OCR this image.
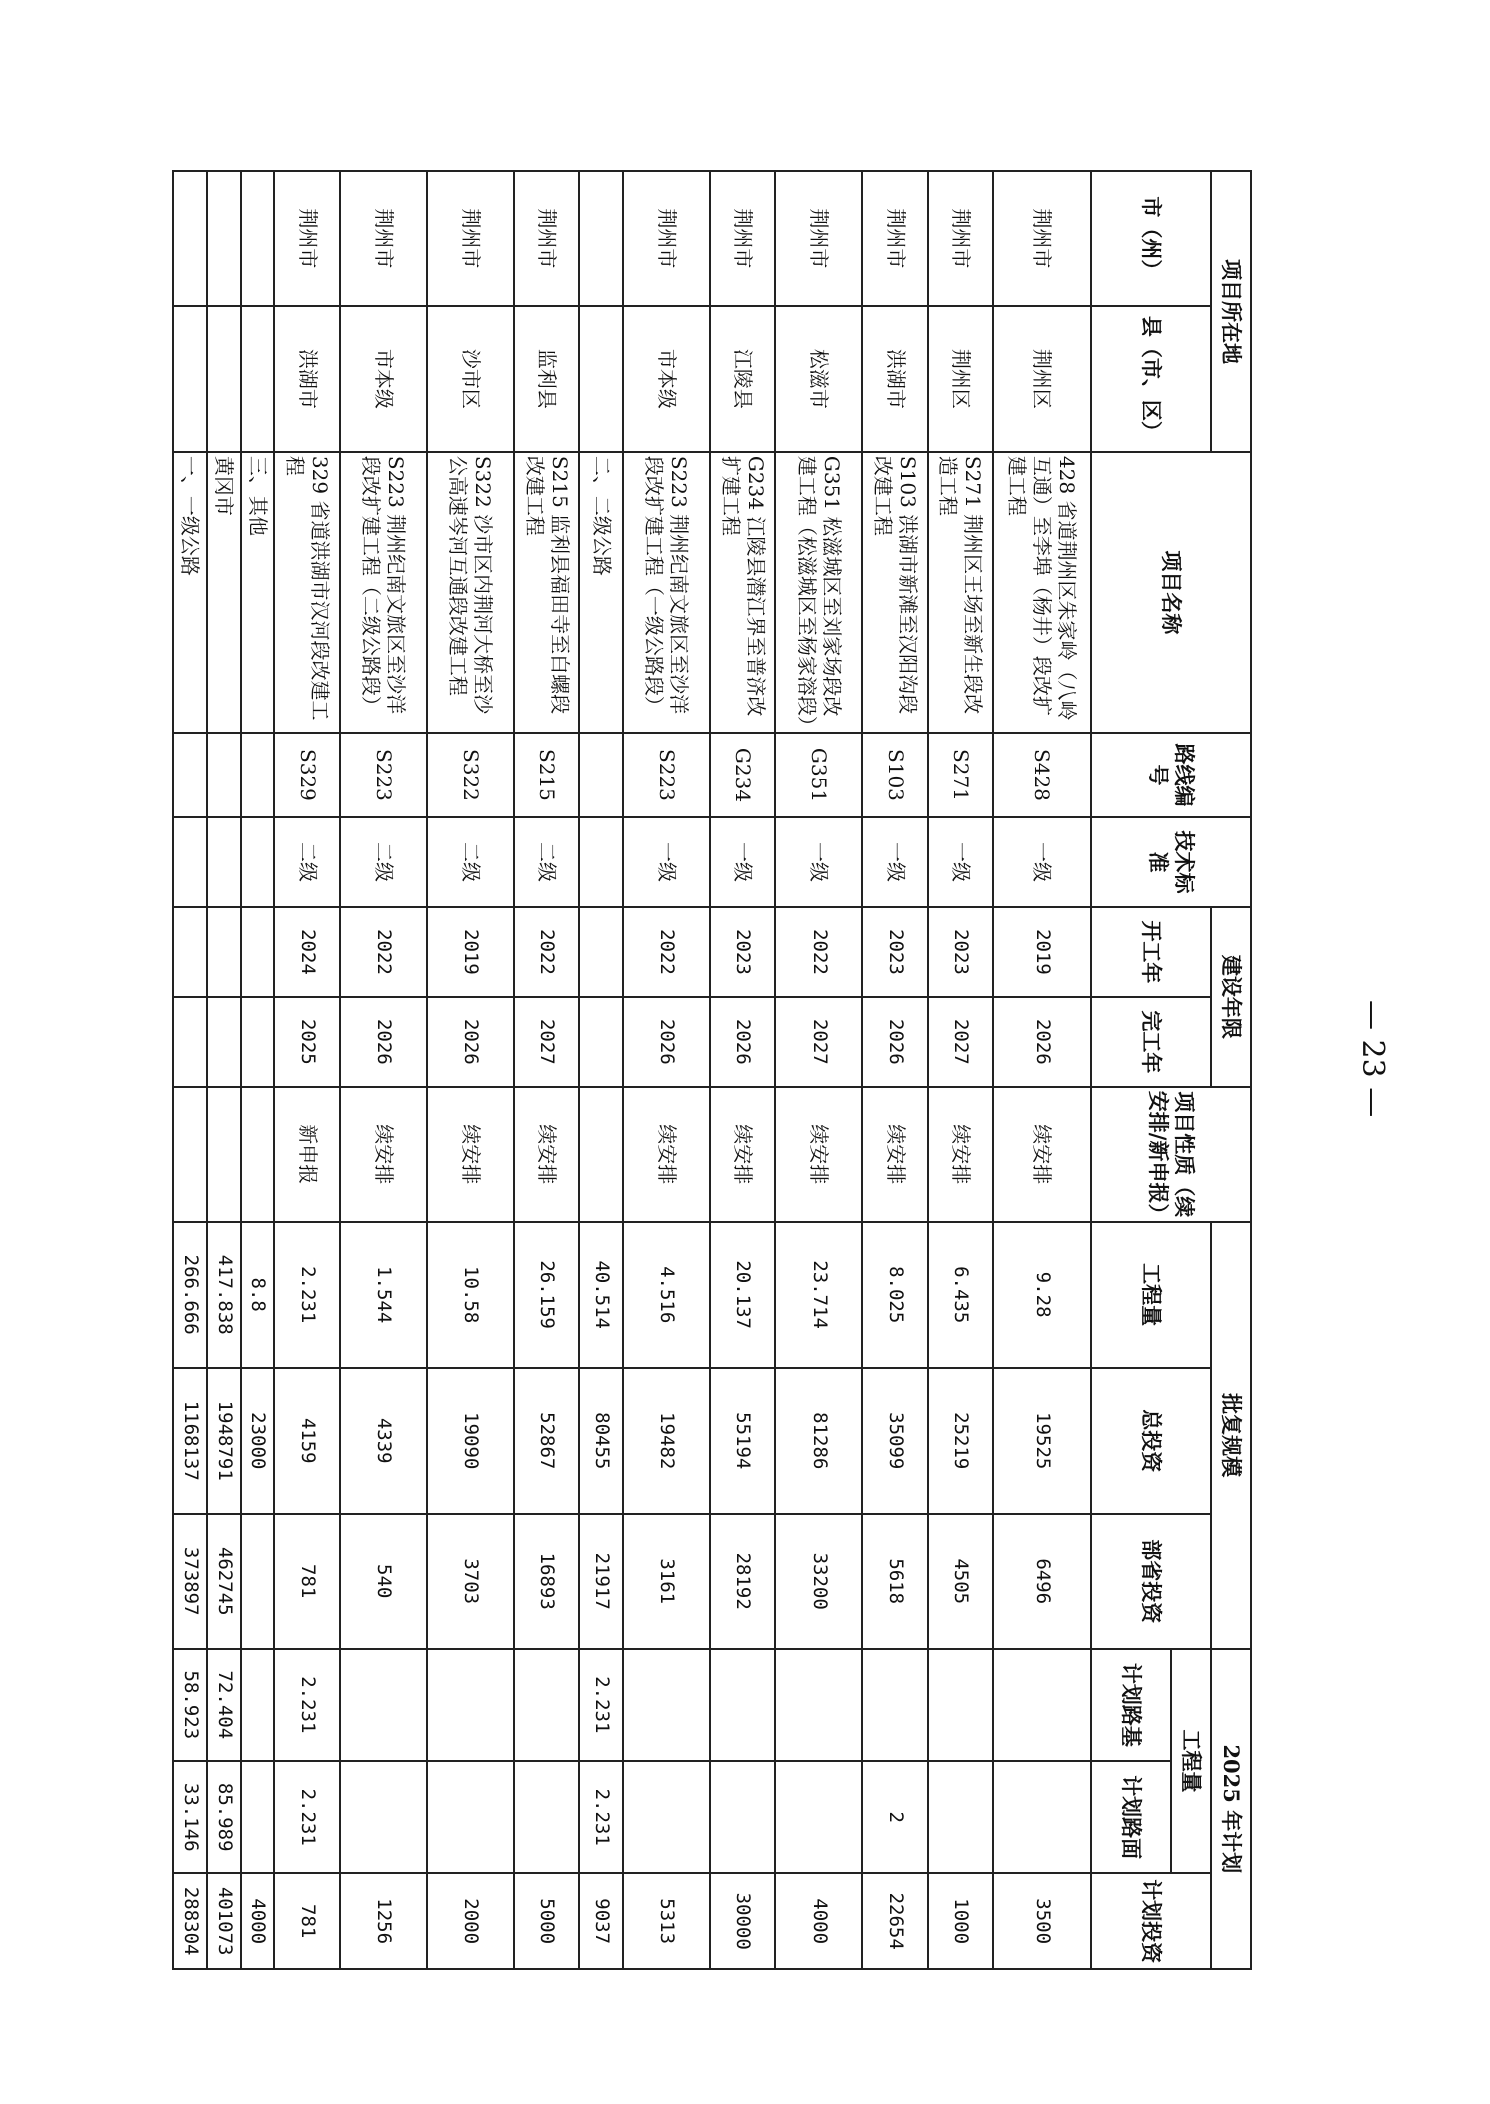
项目所在地		项目名称	路线编号	技术标准	建设年限		项目性质（续安排/新申报）	批复规模			2025 年计划		
市（州）	县（市、区）				开工年	完工年		工程量	总投资	部省投资	工程量		计划投资
											计划路基	计划路面	
荆州市	荆州区	428 省道荆州区朱家岭（八岭互通）至李埠（杨井）段改扩建工程	S428	一级	2019	2026	续安排	9.28	19525	6496			3500
荆州市	荆州区	S271 荆州区王场至新生段改造工程	S271	一级	2023	2027	续安排	6.435	25219	4505			1000
荆州市	洪湖市	S103 洪湖市新滩至汉阳沟段改建工程	S103	一级	2023	2026	续安排	8.025	35099	5618		2	22654
荆州市	松滋市	G351 松滋城区至刘家场段改建工程（松滋城区至杨家溶段）	G351	一级	2022	2027	续安排	23.714	81286	33200			4000
荆州市	江陵县	G234 江陵县潜江界至普济改扩建工程	G234	一级	2023	2026	续安排	20.137	55194	28192			30000
荆州市	市本级	S223 荆州纪南文旅区至沙洋段改扩建工程（一级公路段）	S223	一级	2022	2026	续安排	4.516	19482	3161			5313
		二、二级公路						40.514	80455	21917	2.231	2.231	9037
荆州市	监利县	S215 监利县福田寺至白螺段改建工程	S215	二级	2022	2027	续安排	26.159	52867	16893			5000
荆州市	沙市区	S322 沙市区内荆河大桥至沙公高速岑河互通段改建工程	S322	二级	2019	2026	续安排	10.58	19090	3703			2000
荆州市	市本级	S223 荆州纪南文旅区至沙洋段改扩建工程（二级公路段）	S223	二级	2022	2026	续安排	1.544	4339	540			1256
荆州市	洪湖市	329 省道洪湖市汉河段改建工程	S329	二级	2024	2025	新申报	2.231	4159	781	2.231	2.231	781
		三、其他						8.8	23000				4000
		黄冈市						417.838	1948791	462745	72.404	85.989	401073
		一、一级公路						266.666	1168137	373897	58.923	33.146	288304
— 23 —
